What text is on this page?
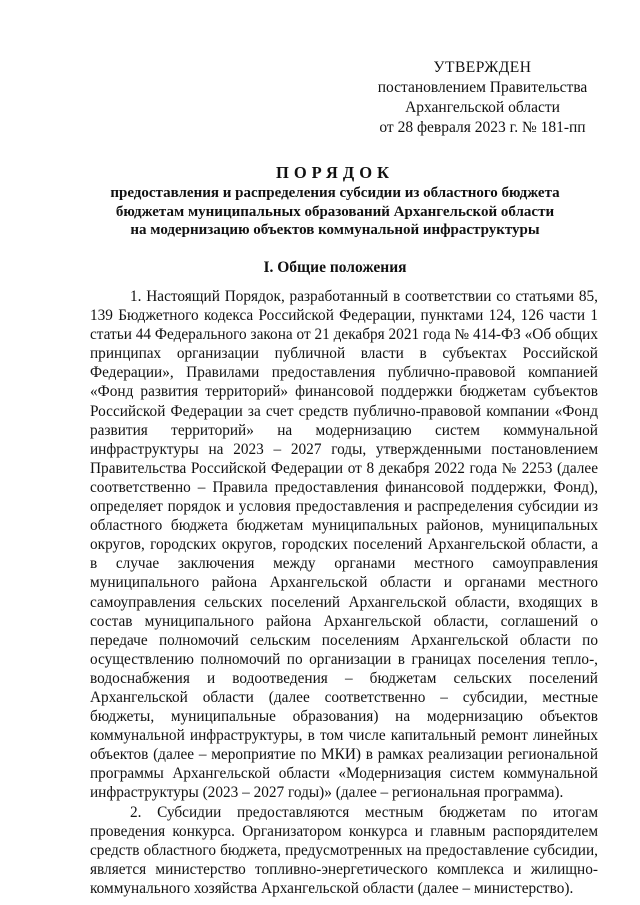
УТВЕРЖДЕН
постановлением Правительства
Архангельской области
от 28 февраля 2023 г. № 181-пп
ПОРЯДОК
предоставления и распределения субсидии из областного бюджета
бюджетам муниципальных образований Архангельской области
на модернизацию объектов коммунальной инфраструктуры
I. Общие положения

1. Настоящий Порядок, разработанный в соответствии со статьями 85, 139 Бюджетного кодекса Российской Федерации, пунктами 124, 126 части 1 статьи 44 Федерального закона от 21 декабря 2021 года № 414-ФЗ «Об общих принципах организации публичной власти в субъектах Российской Федерации», Правилами предоставления публично-правовой компанией «Фонд развития территорий» финансовой поддержки бюджетам субъектов Российской Федерации за счет средств публично-правовой компании «Фонд развития территорий» на модернизацию систем коммунальной инфраструктуры на 2023 – 2027 годы, утвержденными постановлением Правительства Российской Федерации от 8 декабря 2022 года № 2253 (далее соответственно – Правила предоставления финансовой поддержки, Фонд), определяет порядок и условия предоставления и распределения субсидии из областного бюджета бюджетам муниципальных районов, муниципальных округов, городских округов, городских поселений Архангельской области, а в случае заключения между органами местного самоуправления муниципального района Архангельской области и органами местного самоуправления сельских поселений Архангельской области, входящих в состав муниципального района Архангельской области, соглашений о передаче полномочий сельским поселениям Архангельской области по осуществлению полномочий по организации в границах поселения тепло-, водоснабжения и водоотведения – бюджетам сельских поселений Архангельской области (далее соответственно – субсидии, местные бюджеты, муниципальные образования) на модернизацию объектов коммунальной инфраструктуры, в том числе капитальный ремонт линейных объектов (далее – мероприятие по МКИ) в рамках реализации региональной программы Архангельской области «Модернизация систем коммунальной инфраструктуры (2023 – 2027 годы)» (далее – региональная программа).

2. Субсидии предоставляются местным бюджетам по итогам проведения конкурса. Организатором конкурса и главным распорядителем средств областного бюджета, предусмотренных на предоставление субсидии, является министерство топливно-энергетического комплекса и жилищно-коммунального хозяйства Архангельской области (далее – министерство).
